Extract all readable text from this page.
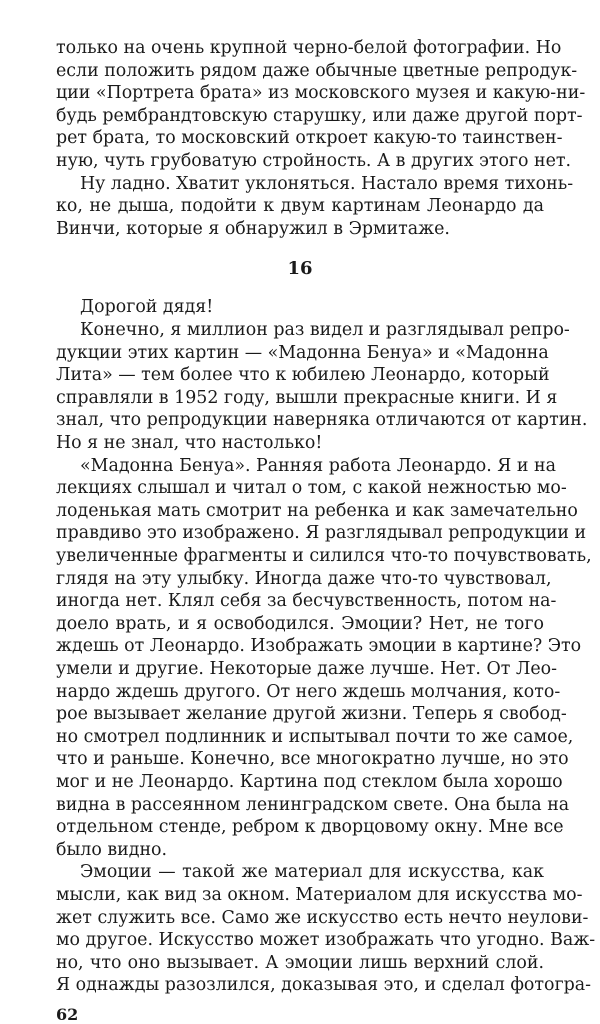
только на очень крупной черно-белой фотографии. Но
если положить рядом даже обычные цветные репродук-
ции «Портрета брата» из московского музея и какую-ни-
будь рембрандтовскую старушку, или даже другой порт-
рет брата, то московский откроет какую-то таинствен-
ную, чуть грубоватую стройность. А в других этого нет.
Ну ладно. Хватит уклоняться. Настало время тихонь-
ко, не дыша, подойти к двум картинам Леонардо да
Винчи, которые я обнаружил в Эрмитаже.
16
Дорогой дядя!
Конечно, я миллион раз видел и разглядывал репро-
дукции этих картин — «Мадонна Бенуа» и «Мадонна
Лита» — тем более что к юбилею Леонардо, который
справляли в 1952 году, вышли прекрасные книги. И я
знал, что репродукции наверняка отличаются от картин.
Но я не знал, что настолько!
«Мадонна Бенуа». Ранняя работа Леонардо. Я и на
лекциях слышал и читал о том, с какой нежностью мо-
лоденькая мать смотрит на ребенка и как замечательно
правдиво это изображено. Я разглядывал репродукции и
увеличенные фрагменты и силился что-то почувствовать,
глядя на эту улыбку. Иногда даже что-то чувствовал,
иногда нет. Клял себя за бесчувственность, потом на-
доело врать, и я освободился. Эмоции? Нет, не того
ждешь от Леонардо. Изображать эмоции в картине? Это
умели и другие. Некоторые даже лучше. Нет. От Лео-
нардо ждешь другого. От него ждешь молчания, кото-
рое вызывает желание другой жизни. Теперь я свобод-
но смотрел подлинник и испытывал почти то же самое,
что и раньше. Конечно, все многократно лучше, но это
мог и не Леонардо. Картина под стеклом была хорошо
видна в рассеянном ленинградском свете. Она была на
отдельном стенде, ребром к дворцовому окну. Мне все
было видно.
Эмоции — такой же материал для искусства, как
мысли, как вид за окном. Материалом для искусства мо-
жет служить все. Само же искусство есть нечто неулови-
мо другое. Искусство может изображать что угодно. Важ-
но, что оно вызывает. А эмоции лишь верхний слой.
Я однажды разозлился, доказывая это, и сделал фотогра-
62
